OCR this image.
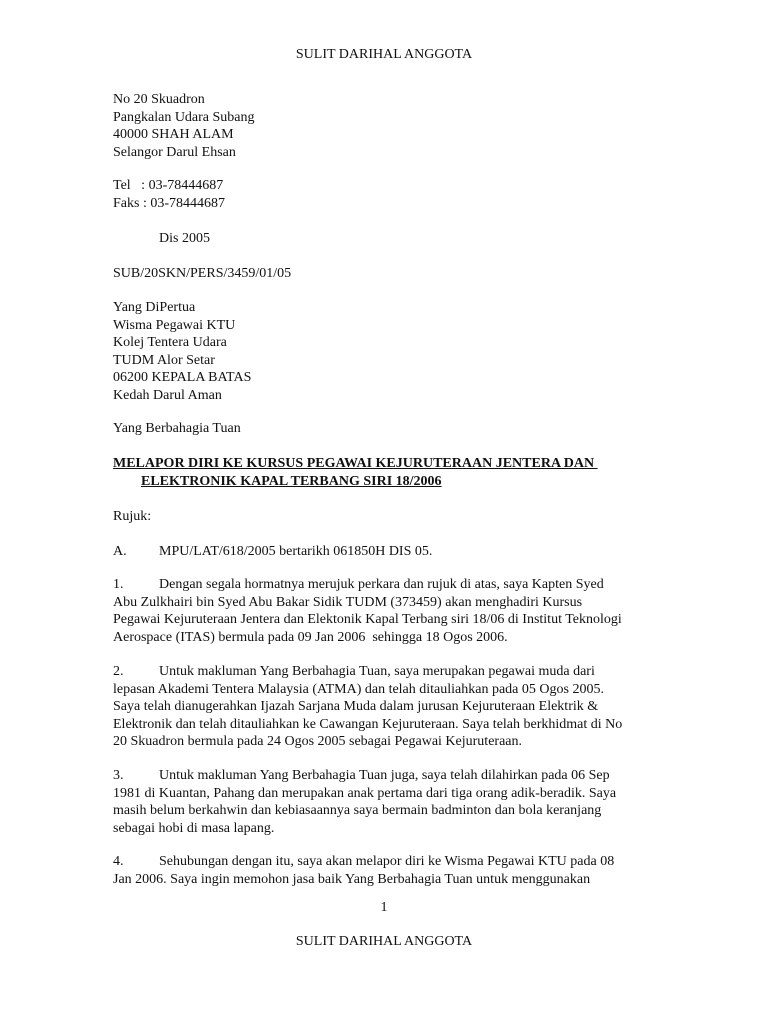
SULIT DARIHAL ANGGOTA
No 20 Skuadron
Pangkalan Udara Subang
40000 SHAH ALAM
Selangor Darul Ehsan
Tel   : 03-78444687
Faks : 03-78444687
Dis 2005
SUB/20SKN/PERS/3459/01/05
Yang DiPertua
Wisma Pegawai KTU
Kolej Tentera Udara
TUDM Alor Setar
06200 KEPALA BATAS
Kedah Darul Aman
Yang Berbahagia Tuan
MELAPOR DIRI KE KURSUS PEGAWAI KEJURUTERAAN JENTERA DAN
ELEKTRONIK KAPAL TERBANG SIRI 18/2006
Rujuk:
A. MPU/LAT/618/2005 bertarikh 061850H DIS 05.
1.	Dengan segala hormatnya merujuk perkara dan rujuk di atas, saya Kapten Syed
Abu Zulkhairi bin Syed Abu Bakar Sidik TUDM (373459) akan menghadiri Kursus
Pegawai Kejuruteraan Jentera dan Elektonik Kapal Terbang siri 18/06 di Institut Teknologi
Aerospace (ITAS) bermula pada 09 Jan 2006  sehingga 18 Ogos 2006.
2.	Untuk makluman Yang Berbahagia Tuan, saya merupakan pegawai muda dari
lepasan Akademi Tentera Malaysia (ATMA) dan telah ditauliahkan pada 05 Ogos 2005.
Saya telah dianugerahkan Ijazah Sarjana Muda dalam jurusan Kejuruteraan Elektrik &
Elektronik dan telah ditauliahkan ke Cawangan Kejuruteraan. Saya telah berkhidmat di No
20 Skuadron bermula pada 24 Ogos 2005 sebagai Pegawai Kejuruteraan.
3.	Untuk makluman Yang Berbahagia Tuan juga, saya telah dilahirkan pada 06 Sep
1981 di Kuantan, Pahang dan merupakan anak pertama dari tiga orang adik-beradik. Saya
masih belum berkahwin dan kebiasaannya saya bermain badminton dan bola keranjang
sebagai hobi di masa lapang.
4.	Sehubungan dengan itu, saya akan melapor diri ke Wisma Pegawai KTU pada 08
Jan 2006. Saya ingin memohon jasa baik Yang Berbahagia Tuan untuk menggunakan
1
SULIT DARIHAL ANGGOTA
